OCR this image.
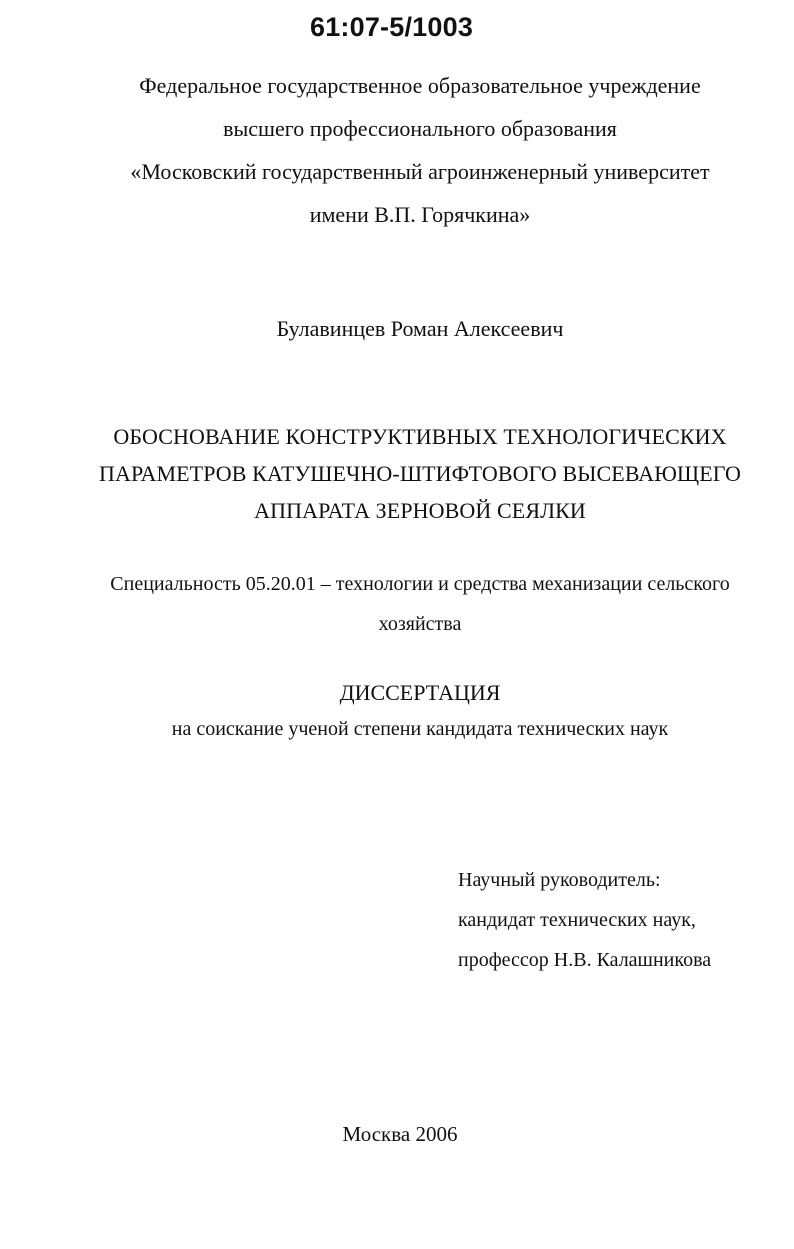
61:07-5/1003
Федеральное государственное образовательное учреждение
высшего профессионального образования
«Московский государственный агроинженерный университет
имени В.П. Горячкина»
Булавинцев Роман Алексеевич
ОБОСНОВАНИЕ КОНСТРУКТИВНЫХ ТЕХНОЛОГИЧЕСКИХ
ПАРАМЕТРОВ КАТУШЕЧНО-ШТИФТОВОГО ВЫСЕВАЮЩЕГО
АППАРАТА ЗЕРНОВОЙ СЕЯЛКИ
Специальность 05.20.01 – технологии и средства механизации сельского
хозяйства
ДИССЕРТАЦИЯ
на соискание ученой степени кандидата технических наук
Научный руководитель:
кандидат технических наук,
профессор Н.В. Калашникова
Москва 2006
